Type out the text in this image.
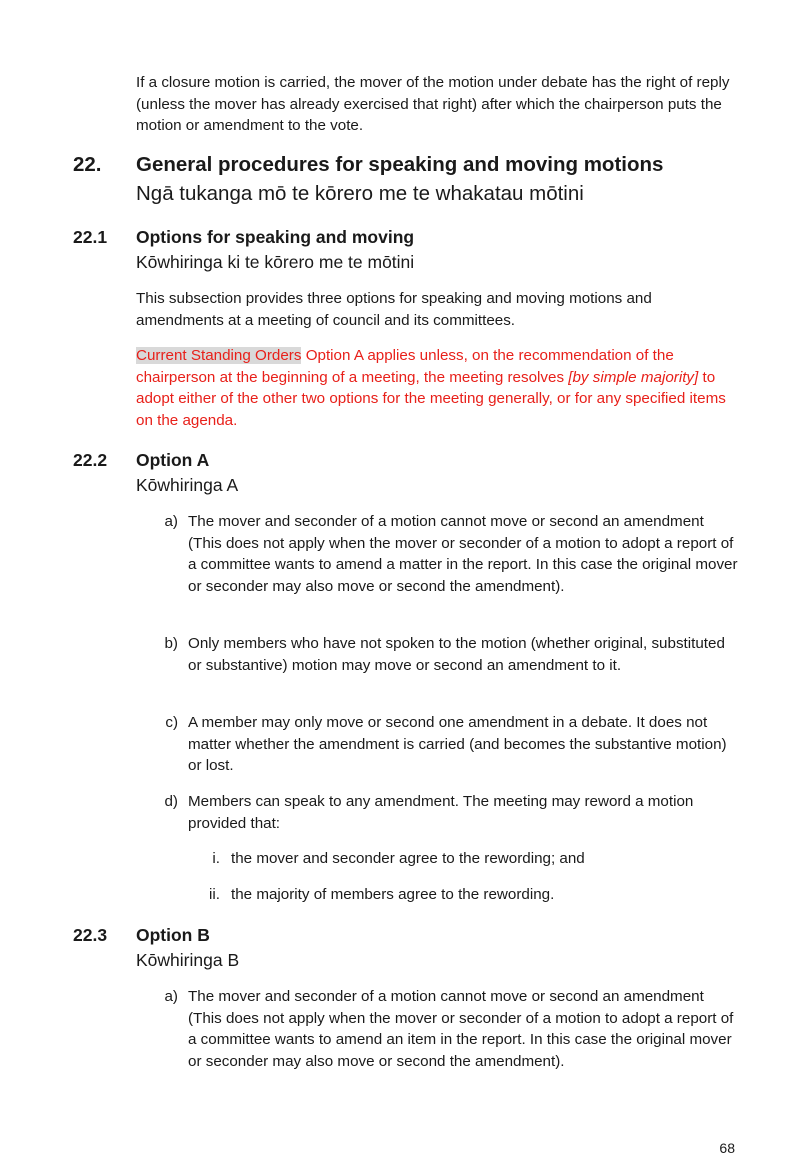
If a closure motion is carried, the mover of the motion under debate has the right of reply (unless the mover has already exercised that right) after which the chairperson puts the motion or amendment to the vote.

22. General procedures for speaking and moving motions

Ngā tukanga mō te kōrero me te whakatau mōtini

22.1 Options for speaking and moving

Kōwhiringa ki te kōrero me te mōtini

This subsection provides three options for speaking and moving motions and amendments at a meeting of council and its committees.

Current Standing Orders Option A applies unless, on the recommendation of the chairperson at the beginning of a meeting, the meeting resolves [by simple majority] to adopt either of the other two options for the meeting generally, or for any specified items on the agenda.

22.2 Option A

Kōwhiringa A

a) The mover and seconder of a motion cannot move or second an amendment (This does not apply when the mover or seconder of a motion to adopt a report of a committee wants to amend a matter in the report. In this case the original mover or seconder may also move or second the amendment).

b) Only members who have not spoken to the motion (whether original, substituted or substantive) motion may move or second an amendment to it.

c) A member may only move or second one amendment in a debate. It does not matter whether the amendment is carried (and becomes the substantive motion) or lost.

d) Members can speak to any amendment. The meeting may reword a motion provided that:

i. the mover and seconder agree to the rewording; and

ii. the majority of members agree to the rewording.

22.3 Option B

Kōwhiringa B

a) The mover and seconder of a motion cannot move or second an amendment (This does not apply when the mover or seconder of a motion to adopt a report of a committee wants to amend an item in the report. In this case the original mover or seconder may also move or second the amendment).

68
